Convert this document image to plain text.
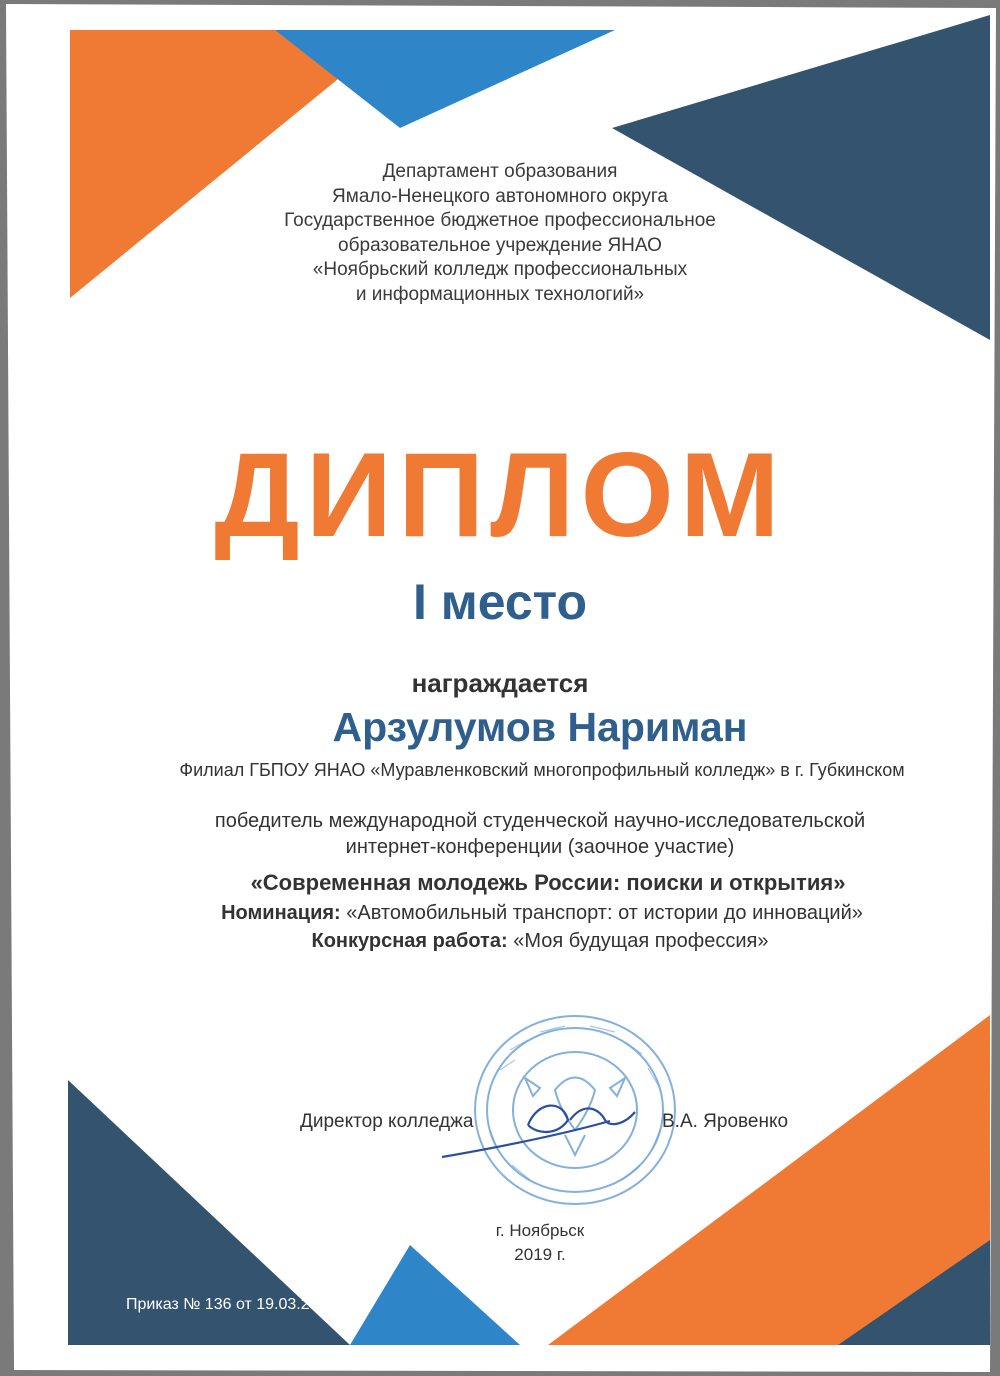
Департамент образования
Ямало-Ненецкого автономного округа
Государственное бюджетное профессиональное
образовательное учреждение ЯНАО
«Ноябрьский колледж профессиональных
и информационных технологий»
ДИПЛОМ
I место
награждается
Арзулумов Нариман
Филиал ГБПОУ ЯНАО «Муравленковский многопрофильный колледж» в г. Губкинском
победитель международной студенческой научно-исследовательской
интернет-конференции (заочное участие)
«Современная молодежь России: поиски и открытия»
Номинация: «Автомобильный транспорт: от истории до инноваций»
Конкурсная работа: «Моя будущая профессия»
Директор колледжа	В.А. Яровенко
г. Ноябрьск
2019 г.
Приказ № 136 от 19.03.2019
